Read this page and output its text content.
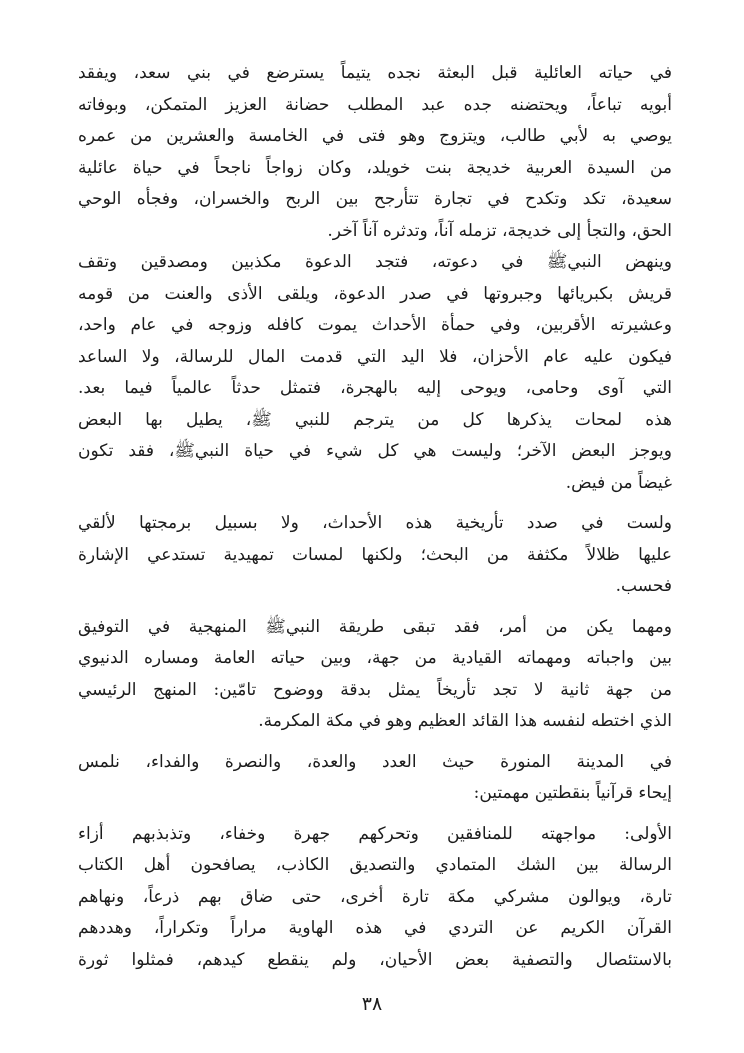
في حياته العائلية قبل البعثة نجده يتيماً يسترضع في بني سعد، ويفقد
أبويه تباعاً، ويحتضنه جده عبد المطلب حضانة العزيز المتمكن، وبوفاته
يوصي به لأبي طالب، ويتزوج وهو فتى في الخامسة والعشرين من عمره
من السيدة العربية خديجة بنت خويلد، وكان زواجاً ناجحاً في حياة عائلية
سعيدة، تكد وتكدح في تجارة تتأرجح بين الربح والخسران، وفجأه الوحي
الحق، والتجأ إلى خديجة، تزمله آناً، وتدثره آناً آخر.
وينهض النبيﷺ في دعوته، فتجد الدعوة مكذبين ومصدقين وتقف
قريش بكبريائها وجبروتها في صدر الدعوة، ويلقى الأذى والعنت من قومه
وعشيرته الأقربين، وفي حمأة الأحداث يموت كافله وزوجه في عام واحد،
فيكون عليه عام الأحزان، فلا اليد التي قدمت المال للرسالة، ولا الساعد
التي آوى وحامى، ويوحى إليه بالهجرة، فتمثل حدثاً عالمياً فيما بعد.
هذه لمحات يذكرها كل من يترجم للنبي ﷺ، يطيل بها البعض
ويوجز البعض الآخر؛ وليست هي كل شيء في حياة النبيﷺ، فقد تكون
غيضاً من فيض.
ولست في صدد تأريخية هذه الأحداث، ولا بسبيل برمجتها لألقي
عليها ظلالاً مكثفة من البحث؛ ولكنها لمسات تمهيدية تستدعي الإشارة
فحسب.
ومهما يكن من أمر، فقد تبقى طريقة النبيﷺ المنهجية في التوفيق
بين واجباته ومهماته القيادية من جهة، وبين حياته العامة ومساره الدنيوي
من جهة ثانية لا تجد تأريخاً يمثل بدقة ووضوح تامّين: المنهج الرئيسي
الذي اختطه لنفسه هذا القائد العظيم وهو في مكة المكرمة.
في المدينة المنورة حيث العدد والعدة، والنصرة والفداء، نلمس
إيحاء قرآنياً بنقطتين مهمتين:
الأولى: مواجهته للمنافقين وتحركهم جهرة وخفاء، وتذبذبهم أزاء
الرسالة بين الشك المتمادي والتصديق الكاذب، يصافحون أهل الكتاب
تارة، ويوالون مشركي مكة تارة أخرى، حتى ضاق بهم ذرعاً، ونهاهم
القرآن الكريم عن التردي في هذه الهاوية مراراً وتكراراً، وهددهم
بالاستئصال والتصفية بعض الأحيان، ولم ينقطع كيدهم، فمثلوا ثورة
٣٨
